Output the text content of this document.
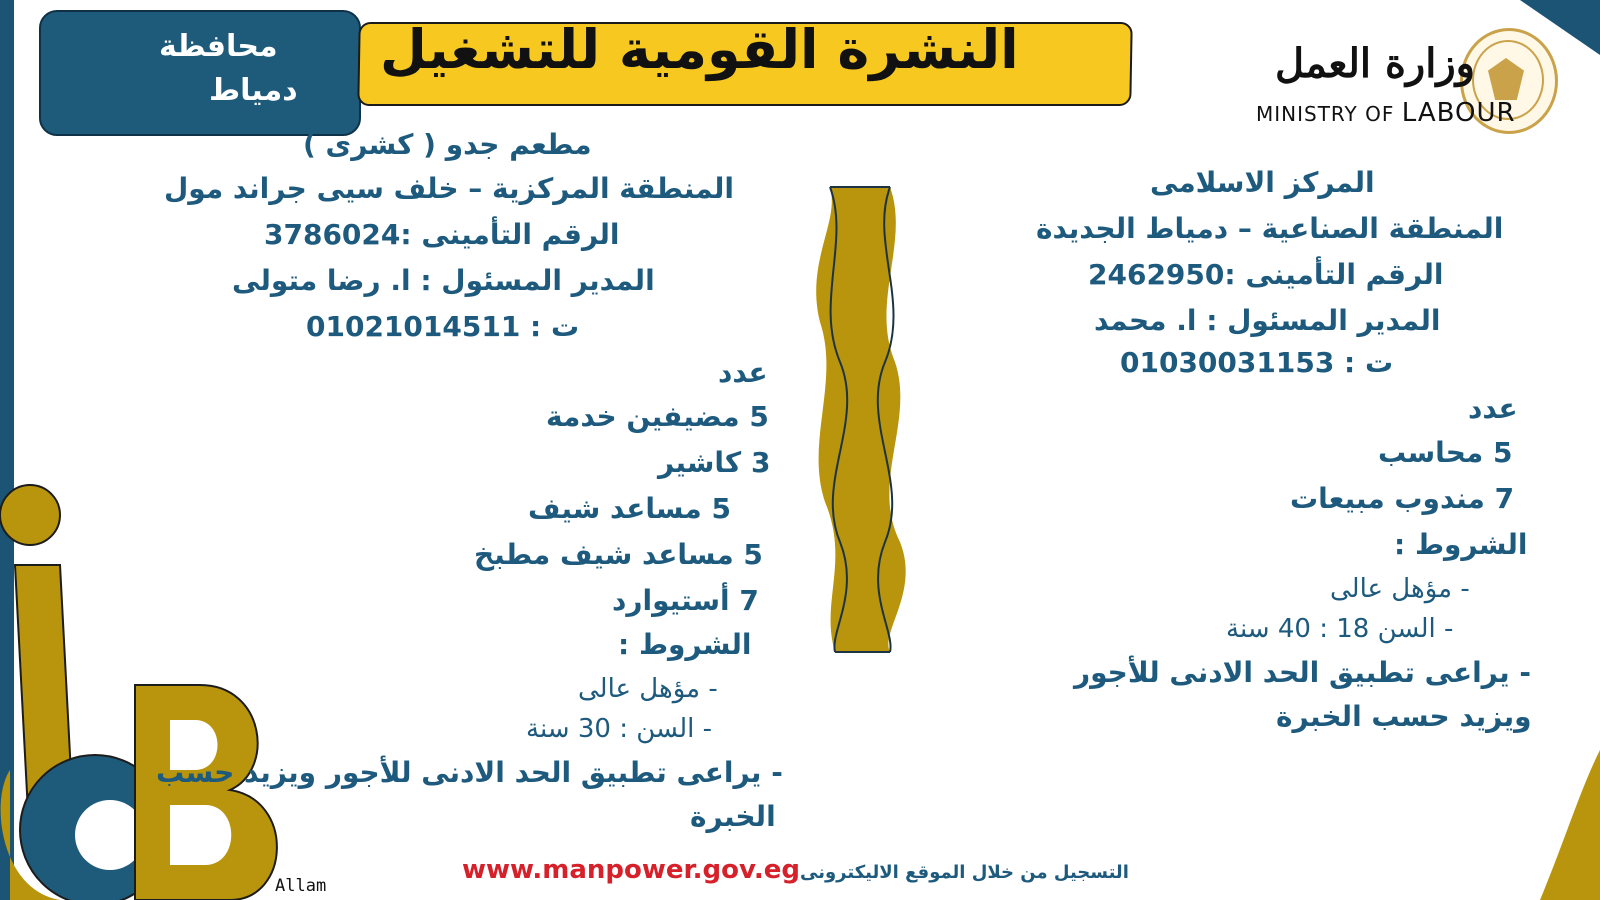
محافظة
دمياط
النشرة القومية للتشغيل	وزارة العمل
MINISTRY OF LABOUR
مطعم جدو ( كشرى )
المنطقة المركزية – خلف سيى جراند مول
الرقم التأمينى :3786024
المدير المسئول : ا. رضا متولى
ت : 01021014511
عدد
5 مضيفين خدمة
3 كاشير
5 مساعد شيف
5 مساعد شيف مطبخ
7 أستيوارد
الشروط :
- مؤهل عالى
- السن : 30 سنة
- يراعى تطبيق الحد الادنى للأجور ويزيد حسب
الخبرة
المركز الاسلامى
المنطقة الصناعية – دمياط الجديدة
الرقم التأمينى :2462950
المدير المسئول : ا. محمد
ت : 01030031153
عدد
5 محاسب
7 مندوب مبيعات
الشروط :
- مؤهل عالى
- السن 18 : 40 سنة
- يراعى تطبيق الحد الادنى للأجور
ويزيد حسب الخبرة
التسجيل من خلال الموقع الاليكترونى
www.manpower.gov.eg
Allam
